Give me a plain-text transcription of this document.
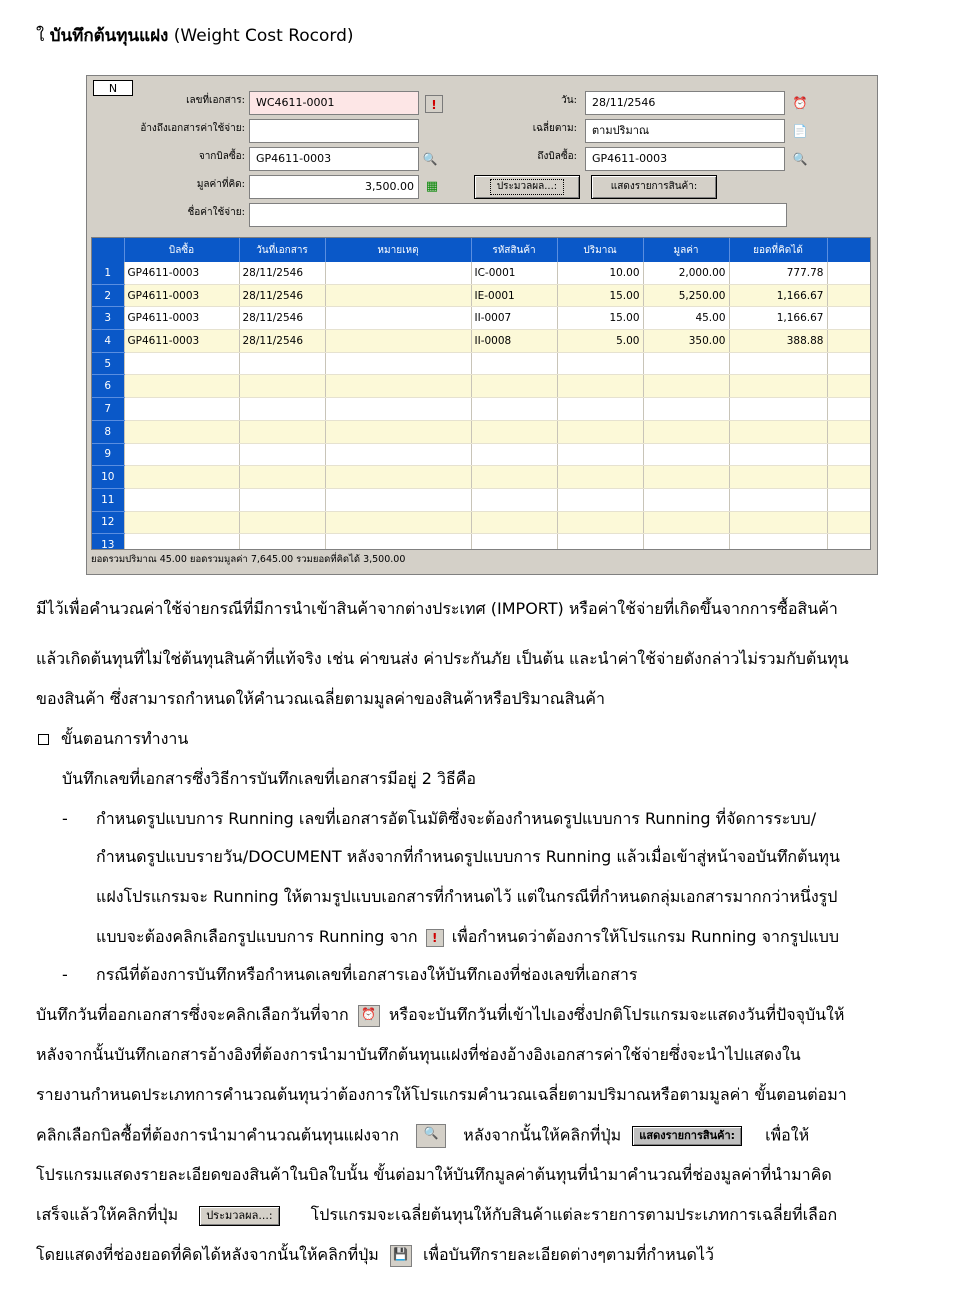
ใ บันทึกต้นทุนแฝง (Weight Cost Rocord)
N
เลขที่เอกสาร:	WC4611-0001	!
อ้างถึงเอกสารค่าใช้จ่าย:
จากบิลซื้อ:	GP4611-0003	🔍
มูลค่าที่คิด:	3,500.00 ▦
ชื่อค่าใช้จ่าย:
วัน:	28/11/2546	⏰
เฉลี่ยตาม:	ตามปริมาณ	📄
ถึงบิลซื้อ:	GP4611-0003	🔍
ประมวลผล...:	แสดงรายการสินค้า:
	บิลซื้อ	วันที่เอกสาร	หมายเหตุ	รหัสสินค้า	ปริมาณ	มูลค่า	ยอดที่คิดได้	
1	GP4611-0003	28/11/2546		IC-0001	10.00	2,000.00	777.78	
2	GP4611-0003	28/11/2546		IE-0001	15.00	5,250.00	1,166.67	
3	GP4611-0003	28/11/2546		II-0007	15.00	45.00	1,166.67	
4	GP4611-0003	28/11/2546		II-0008	5.00	350.00	388.88	
5								
6								
7								
8								
9								
10								
11								
12								
13								
ยอดรวมปริมาณ 45.00 ยอดรวมมูลค่า 7,645.00 รวมยอดที่คิดได้ 3,500.00
มีไว้เพื่อคำนวณค่าใช้จ่ายกรณีที่มีการนำเข้าสินค้าจากต่างประเทศ (IMPORT) หรือค่าใช้จ่ายที่เกิดขึ้นจากการซื้อสินค้า
แล้วเกิดต้นทุนที่ไม่ใช่ต้นทุนสินค้าที่แท้จริง เช่น ค่าขนส่ง ค่าประกันภัย เป็นต้น และนำค่าใช้จ่ายดังกล่าวไม่รวมกับต้นทุน
ของสินค้า ซึ่งสามารถกำหนดให้คำนวณเฉลี่ยตามมูลค่าของสินค้าหรือปริมาณสินค้า
ขั้นตอนการทำงาน
บันทึกเลขที่เอกสารซึ่งวิธีการบันทึกเลขที่เอกสารมีอยู่ 2 วิธีคือ
- กำหนดรูปแบบการ Running เลขที่เอกสารอัตโนมัติซึ่งจะต้องกำหนดรูปแบบการ Running ที่จัดการระบบ/
กำหนดรูปแบบรายวัน/DOCUMENT หลังจากที่กำหนดรูปแบบการ Running แล้วเมื่อเข้าสู่หน้าจอบันทึกต้นทุน
แฝงโปรแกรมจะ Running ให้ตามรูปแบบเอกสารที่กำหนดไว้ แต่ในกรณีที่กำหนดกลุ่มเอกสารมากกว่าหนึ่งรูป
แบบจะต้องคลิกเลือกรูปแบบการ Running จาก ! เพื่อกำหนดว่าต้องการให้โปรแกรม Running จากรูปแบบ
- กรณีที่ต้องการบันทึกหรือกำหนดเลขที่เอกสารเองให้บันทึกเองที่ช่องเลขที่เอกสาร
บันทึกวันที่ออกเอกสารซึ่งจะคลิกเลือกวันที่จาก ⏰ หรือจะบันทึกวันที่เข้าไปเองซึ่งปกติโปรแกรมจะแสดงวันที่ปัจจุบันให้
หลังจากนั้นบันทึกเอกสารอ้างอิงที่ต้องการนำมาบันทึกต้นทุนแฝงที่ช่องอ้างอิงเอกสารค่าใช้จ่ายซึ่งจะนำไปแสดงใน
รายงานกำหนดประเภทการคำนวณต้นทุนว่าต้องการให้โปรแกรมคำนวณเฉลี่ยตามปริมาณหรือตามมูลค่า ขั้นตอนต่อมา
คลิกเลือกบิลซื้อที่ต้องการนำมาคำนวณต้นทุนแฝงจาก 🔍 หลังจากนั้นให้คลิกที่ปุ่ม แสดงรายการสินค้า: เพื่อให้
โปรแกรมแสดงรายละเอียดของสินค้าในบิลใบนั้น ขั้นต่อมาให้บันทึกมูลค่าต้นทุนที่นำมาคำนวณที่ช่องมูลค่าที่นำมาคิด
เสร็จแล้วให้คลิกที่ปุ่ม	ประมวลผล...: โปรแกรมจะเฉลี่ยต้นทุนให้กับสินค้าแต่ละรายการตามประเภทการเฉลี่ยที่เลือก
โดยแสดงที่ช่องยอดที่คิดได้หลังจากนั้นให้คลิกที่ปุ่ม 💾 เพื่อบันทึกรายละเอียดต่างๆตามที่กำหนดไว้
